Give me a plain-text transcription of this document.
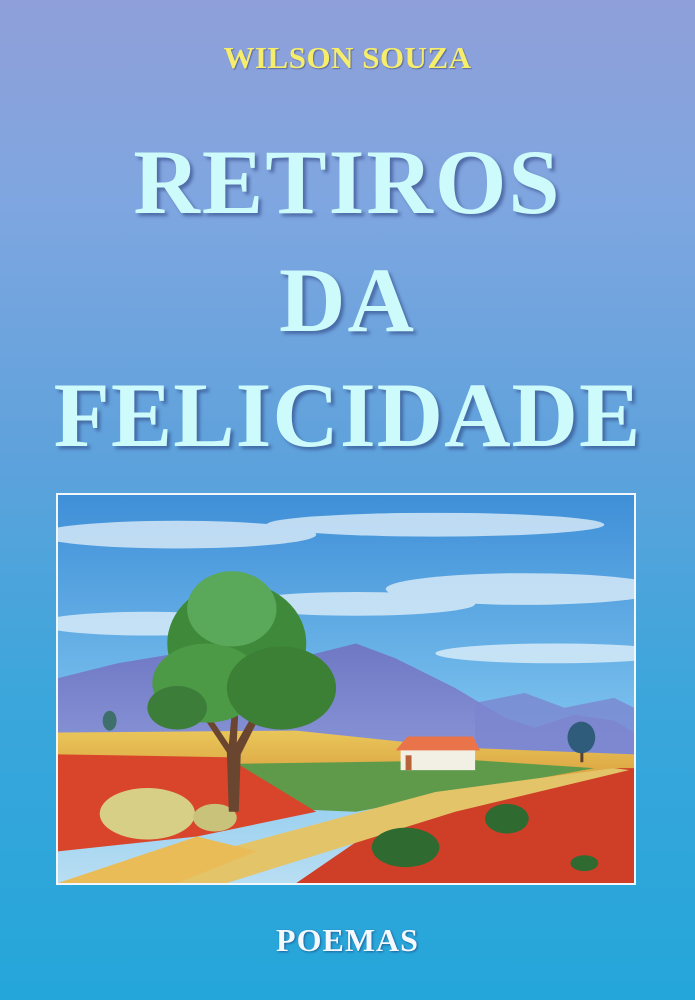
WILSON SOUZA
RETIROS
DA
FELICIDADE
POEMAS
